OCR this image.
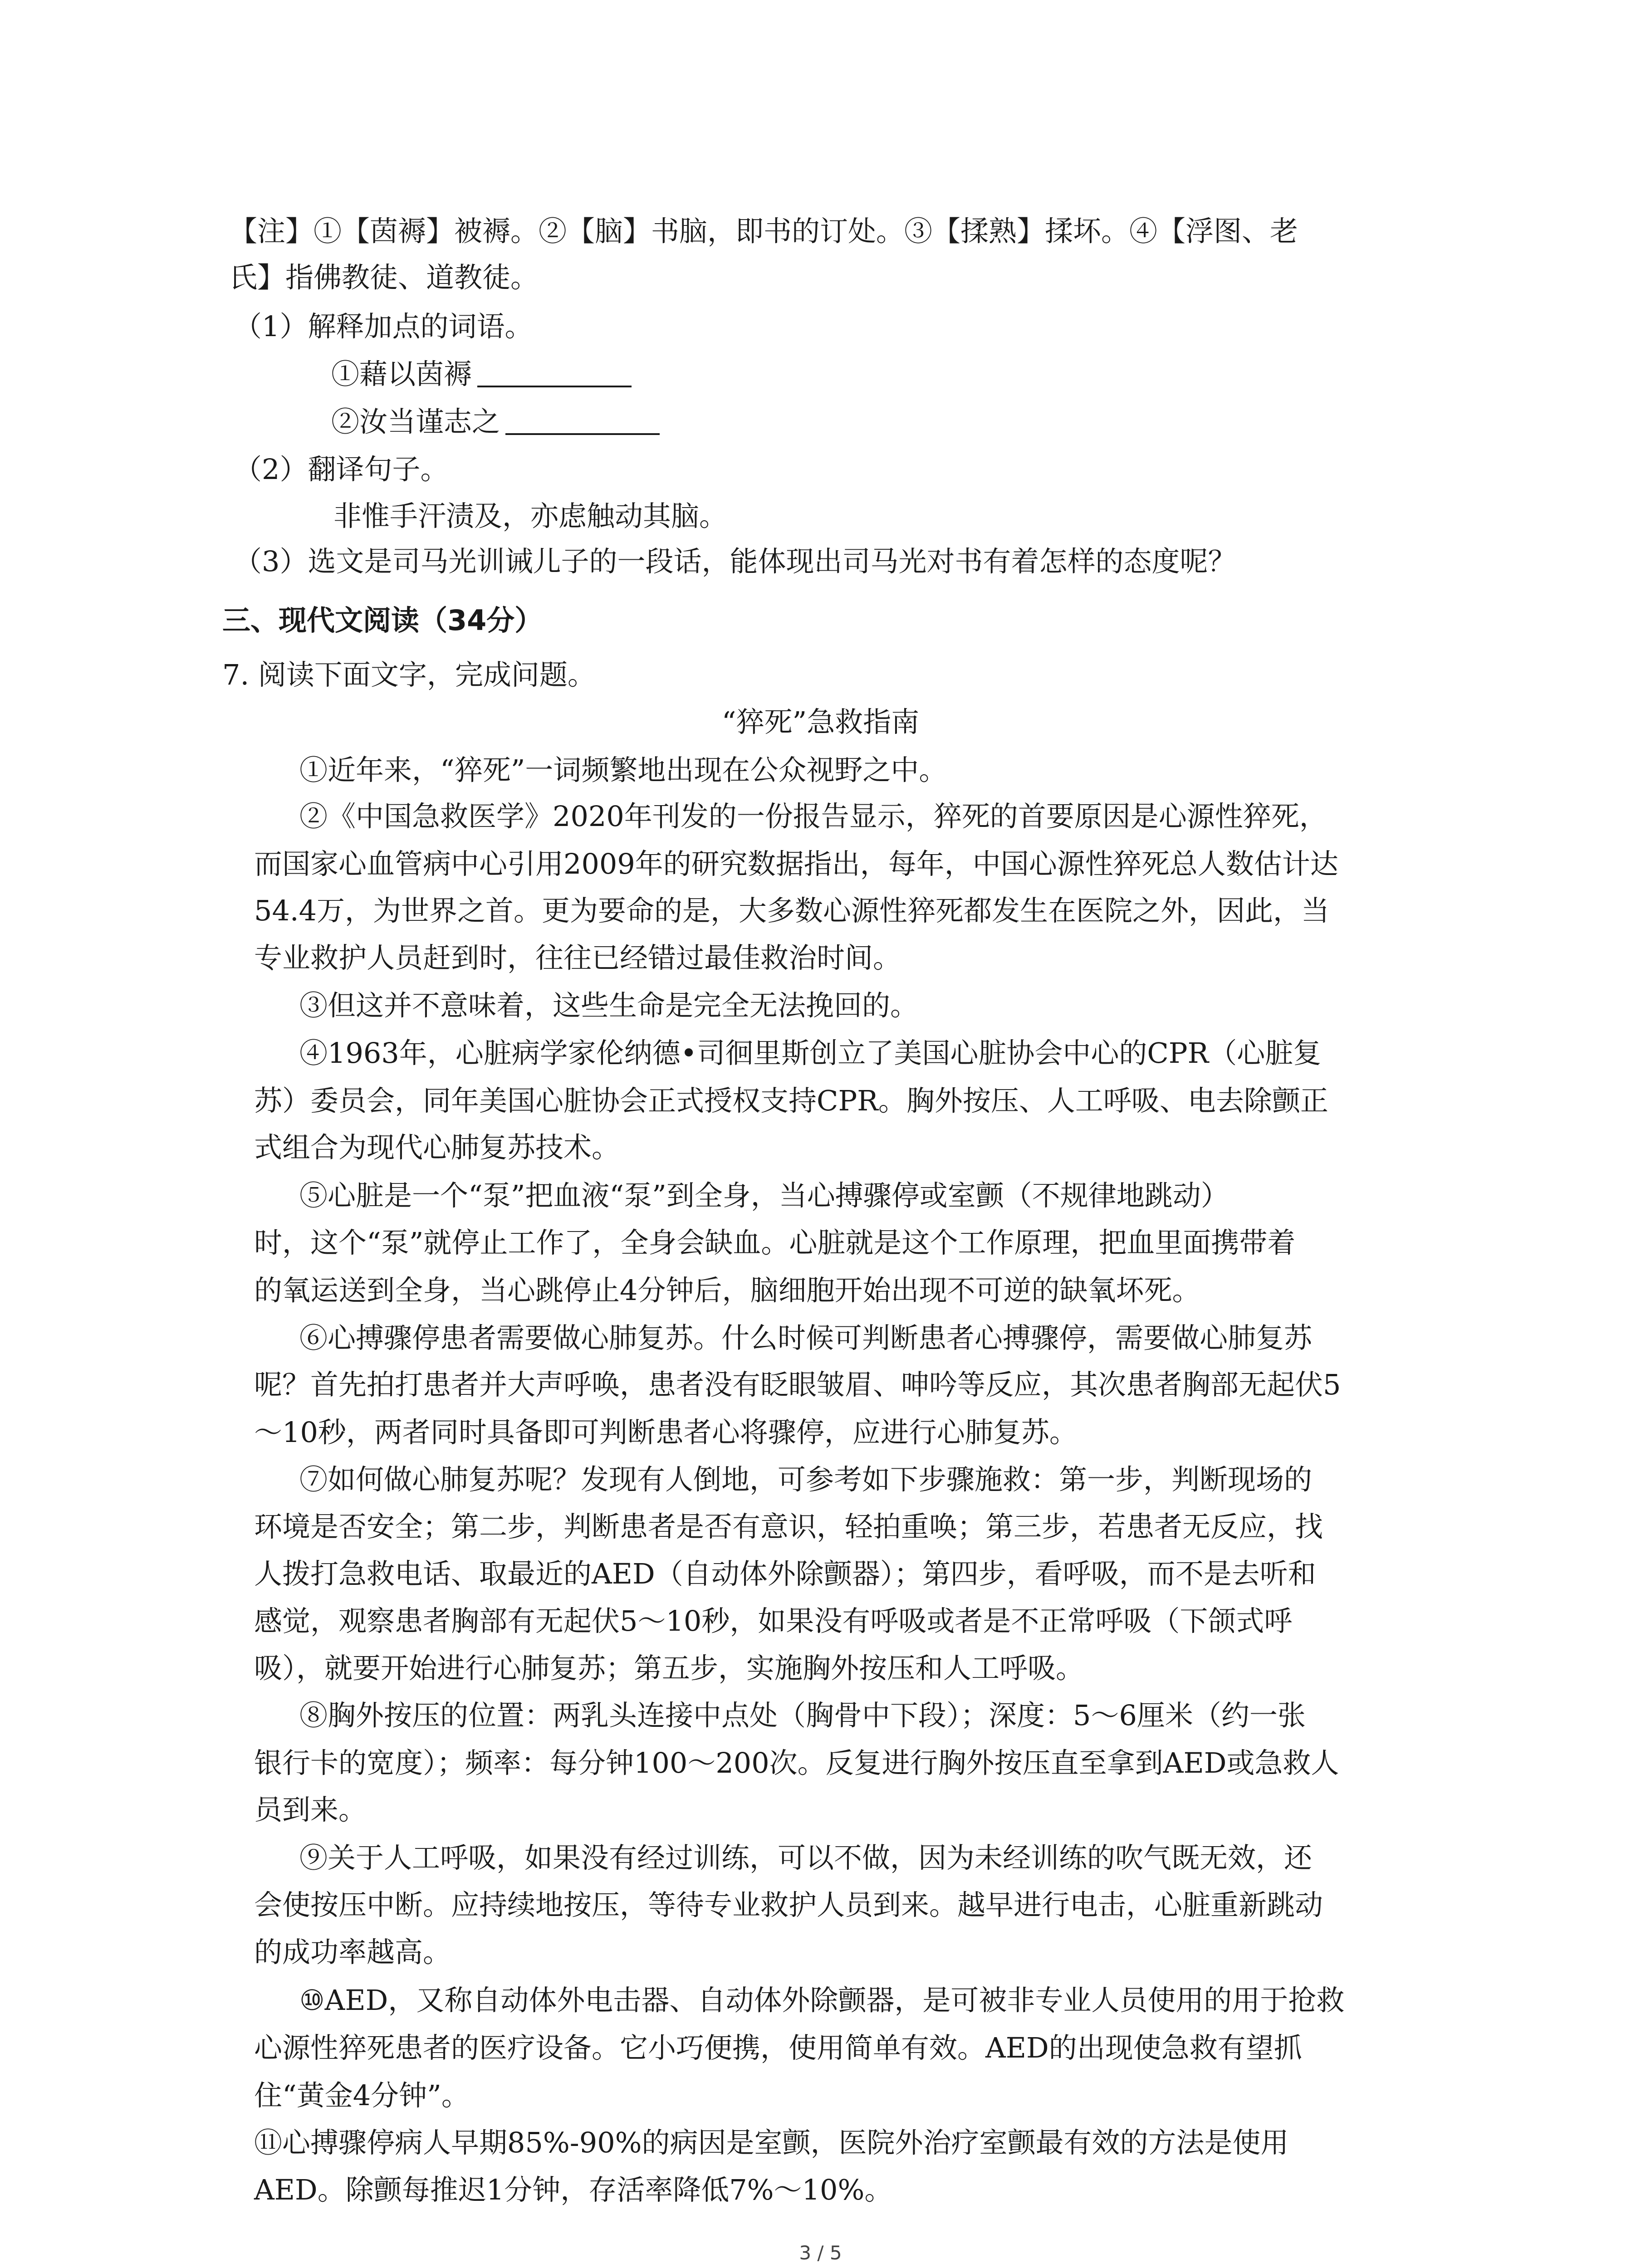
【注】①【茵褥】被褥。②【脑】书脑，即书的订处。③【揉熟】揉坏。④【浮图、老
氏】指佛教徒、道教徒。
（1）解释加点的词语。
①藉以茵褥
②汝当谨志之
（2）翻译句子。
非惟手汗渍及，亦虑触动其脑。
（3）选文是司马光训诫儿子的一段话，能体现出司马光对书有着怎样的态度呢？
三、现代文阅读（34分）
7. 阅读下面文字，完成问题。
“猝死”急救指南
①近年来，“猝死”一词频繁地出现在公众视野之中。
②《中国急救医学》2020年刊发的一份报告显示，猝死的首要原因是心源性猝死，
而国家心血管病中心引用2009年的研究数据指出，每年，中国心源性猝死总人数估计达
54.4万，为世界之首。更为要命的是，大多数心源性猝死都发生在医院之外，因此，当
专业救护人员赶到时，往往已经错过最佳救治时间。
③但这并不意味着，这些生命是完全无法挽回的。
④1963年，心脏病学家伦纳德•司徊里斯创立了美国心脏协会中心的CPR（心脏复
苏）委员会，同年美国心脏协会正式授权支持CPR。胸外按压、人工呼吸、电去除颤正
式组合为现代心肺复苏技术。
⑤心脏是一个“泵”把血液“泵”到全身，当心搏骤停或室颤（不规律地跳动）
时，这个“泵”就停止工作了，全身会缺血。心脏就是这个工作原理，把血里面携带着
的氧运送到全身，当心跳停止4分钟后，脑细胞开始出现不可逆的缺氧坏死。
⑥心搏骤停患者需要做心肺复苏。什么时候可判断患者心搏骤停，需要做心肺复苏
呢？首先拍打患者并大声呼唤，患者没有眨眼皱眉、呻吟等反应，其次患者胸部无起伏5
～10秒，两者同时具备即可判断患者心将骤停，应进行心肺复苏。
⑦如何做心肺复苏呢？发现有人倒地，可参考如下步骤施救：第一步，判断现场的
环境是否安全；第二步，判断患者是否有意识，轻拍重唤；第三步，若患者无反应，找
人拨打急救电话、取最近的AED（自动体外除颤器）；第四步，看呼吸，而不是去听和
感觉，观察患者胸部有无起伏5～10秒，如果没有呼吸或者是不正常呼吸（下颌式呼
吸），就要开始进行心肺复苏；第五步，实施胸外按压和人工呼吸。
⑧胸外按压的位置：两乳头连接中点处（胸骨中下段）；深度：5～6厘米（约一张
银行卡的宽度）；频率：每分钟100～200次。反复进行胸外按压直至拿到AED或急救人
员到来。
⑨关于人工呼吸，如果没有经过训练，可以不做，因为未经训练的吹气既无效，还
会使按压中断。应持续地按压，等待专业救护人员到来。越早进行电击，心脏重新跳动
的成功率越高。
⑩AED，又称自动体外电击器、自动体外除颤器，是可被非专业人员使用的用于抢救
心源性猝死患者的医疗设备。它小巧便携，使用简单有效。AED的出现使急救有望抓
住“黄金4分钟”。
⑪心搏骤停病人早期85%-90%的病因是室颤，医院外治疗室颤最有效的方法是使用
AED。除颤每推迟1分钟，存活率降低7%～10%。
3 / 5
